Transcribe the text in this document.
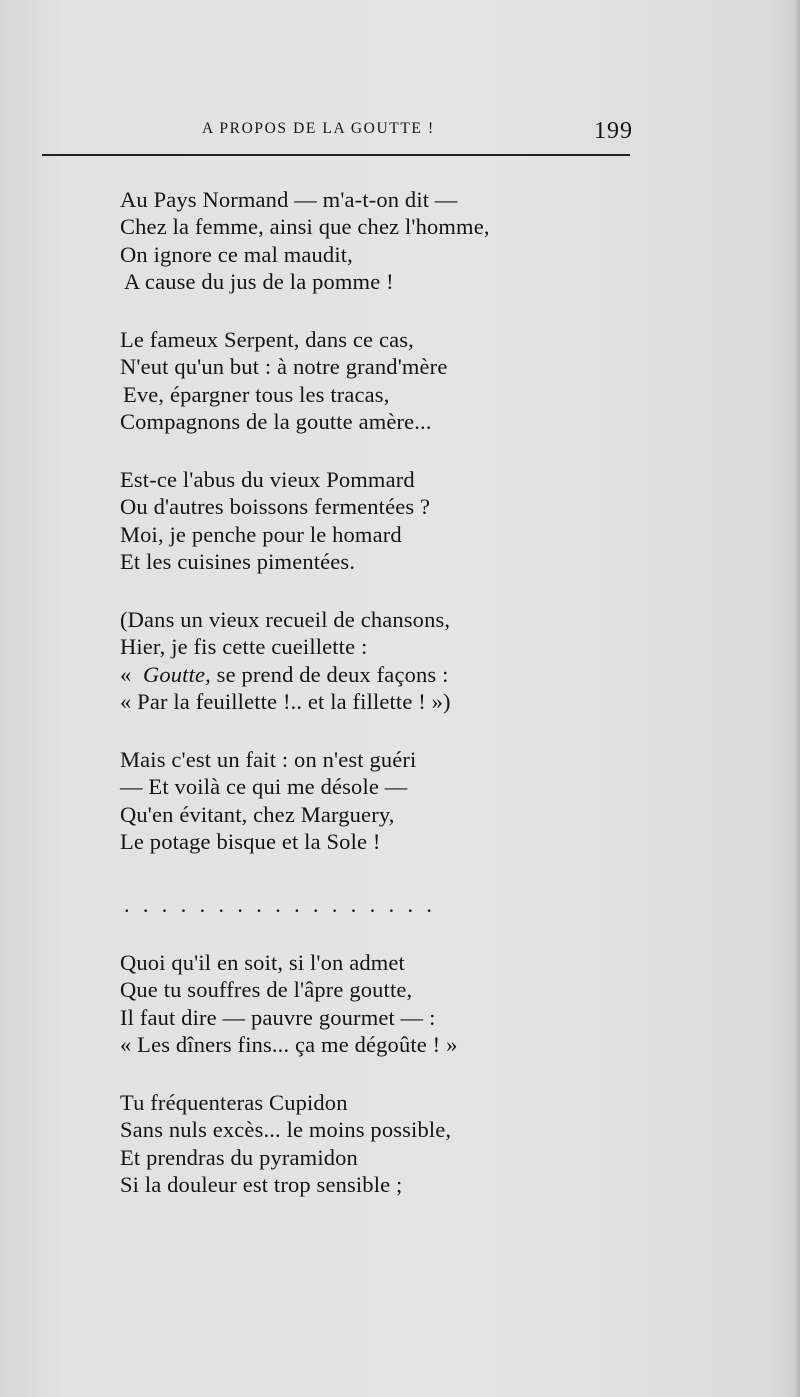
A PROPOS DE LA GOUTTE !	199
Au Pays Normand — m'a-t-on dit —
Chez la femme, ainsi que chez l'homme,
On ignore ce mal maudit,
A cause du jus de la pomme !
Le fameux Serpent, dans ce cas,
N'eut qu'un but : à notre grand'mère
Eve, épargner tous les tracas,
Compagnons de la goutte amère...
Est-ce l'abus du vieux Pommard
Ou d'autres boissons fermentées ?
Moi, je penche pour le homard
Et les cuisines pimentées.
(Dans un vieux recueil de chansons,
Hier, je fis cette cueillette :
« Goutte, se prend de deux façons :
« Par la feuillette !.. et la fillette ! »)
Mais c'est un fait : on n'est guéri
— Et voilà ce qui me désole —
Qu'en évitant, chez Marguery,
Le potage bisque et la Sole !
.................
Quoi qu'il en soit, si l'on admet
Que tu souffres de l'âpre goutte,
Il faut dire — pauvre gourmet — :
« Les dîners fins... ça me dégoûte ! »
Tu fréquenteras Cupidon
Sans nuls excès... le moins possible,
Et prendras du pyramidon
Si la douleur est trop sensible ;
